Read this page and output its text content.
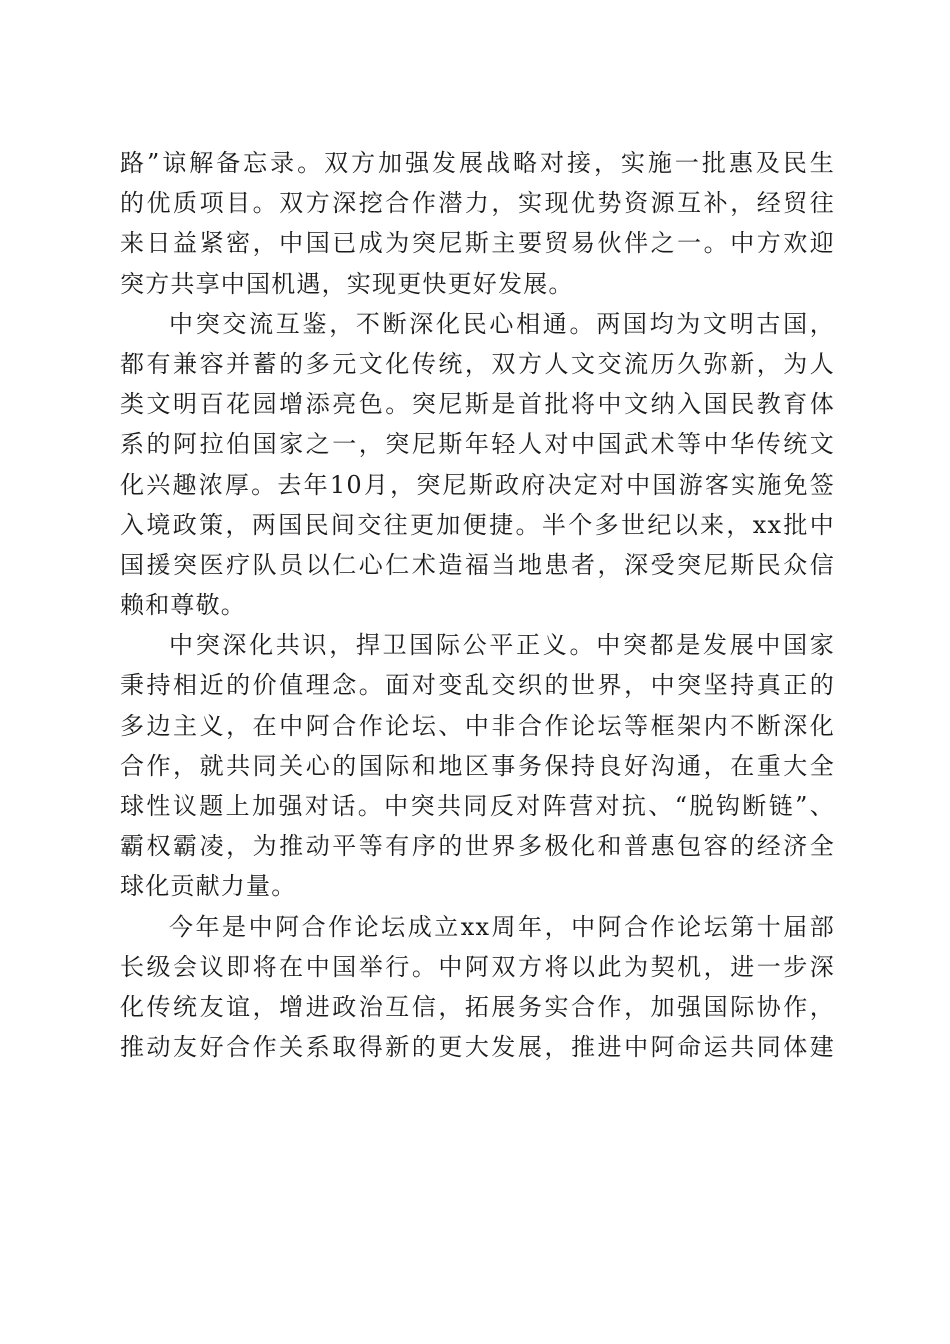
路”谅解备忘录。双方加强发展战略对接，实施一批惠及民生
的优质项目。双方深挖合作潜力，实现优势资源互补，经贸往
来日益紧密，中国已成为突尼斯主要贸易伙伴之一。中方欢迎
突方共享中国机遇，实现更快更好发展。
中突交流互鉴，不断深化民心相通。两国均为文明古国，
都有兼容并蓄的多元文化传统，双方人文交流历久弥新，为人
类文明百花园增添亮色。突尼斯是首批将中文纳入国民教育体
系的阿拉伯国家之一，突尼斯年轻人对中国武术等中华传统文
化兴趣浓厚。去年10月，突尼斯政府决定对中国游客实施免签
入境政策，两国民间交往更加便捷。半个多世纪以来，xx批中
国援突医疗队员以仁心仁术造福当地患者，深受突尼斯民众信
赖和尊敬。
中突深化共识，捍卫国际公平正义。中突都是发展中国家
秉持相近的价值理念。面对变乱交织的世界，中突坚持真正的
多边主义，在中阿合作论坛、中非合作论坛等框架内不断深化
合作，就共同关心的国际和地区事务保持良好沟通，在重大全
球性议题上加强对话。中突共同反对阵营对抗、“脱钩断链”、
霸权霸凌，为推动平等有序的世界多极化和普惠包容的经济全
球化贡献力量。
今年是中阿合作论坛成立xx周年，中阿合作论坛第十届部
长级会议即将在中国举行。中阿双方将以此为契机，进一步深
化传统友谊，增进政治互信，拓展务实合作，加强国际协作，
推动友好合作关系取得新的更大发展，推进中阿命运共同体建
